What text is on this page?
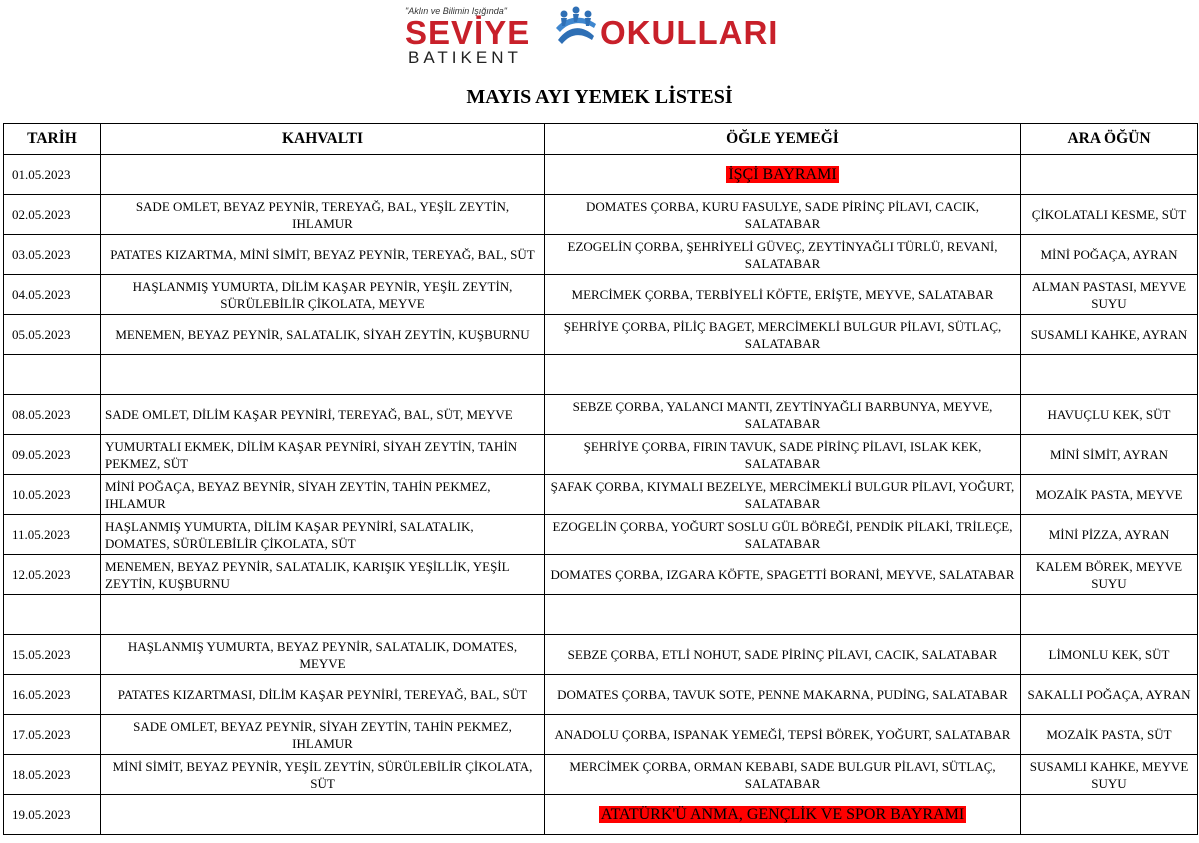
"Aklın ve Bilimin Işığında"
SEVİYE OKULLARI
BATIKENT
MAYIS AYI YEMEK LİSTESİ
TARİH	KAHVALTI	ÖĞLE YEMEĞİ	ARA ÖĞÜN
01.05.2023		İŞÇİ BAYRAMI	
02.05.2023	SADE OMLET, BEYAZ PEYNİR, TEREYAĞ, BAL, YEŞİL ZEYTİN, IHLAMUR	DOMATES ÇORBA, KURU FASULYE, SADE PİRİNÇ PİLAVI, CACIK, SALATABAR	ÇİKOLATALI KESME, SÜT
03.05.2023	PATATES KIZARTMA, MİNİ SİMİT, BEYAZ PEYNİR, TEREYAĞ, BAL, SÜT	EZOGELİN ÇORBA, ŞEHRİYELİ GÜVEÇ, ZEYTİNYAĞLI TÜRLÜ, REVANİ, SALATABAR	MİNİ POĞAÇA, AYRAN
04.05.2023	HAŞLANMIŞ YUMURTA, DİLİM KAŞAR PEYNİR, YEŞİL ZEYTİN, SÜRÜLEBİLİR ÇİKOLATA, MEYVE	MERCİMEK ÇORBA, TERBİYELİ KÖFTE, ERİŞTE, MEYVE, SALATABAR	ALMAN PASTASI, MEYVE SUYU
05.05.2023	MENEMEN, BEYAZ PEYNİR, SALATALIK, SİYAH ZEYTİN, KUŞBURNU	ŞEHRİYE ÇORBA, PİLİÇ BAGET, MERCİMEKLİ BULGUR PİLAVI, SÜTLAÇ, SALATABAR	SUSAMLI KAHKE, AYRAN

08.05.2023	SADE OMLET, DİLİM KAŞAR PEYNİRİ, TEREYAĞ, BAL, SÜT, MEYVE	SEBZE ÇORBA, YALANCI MANTI, ZEYTİNYAĞLI BARBUNYA, MEYVE, SALATABAR	HAVUÇLU KEK, SÜT
09.05.2023	YUMURTALI EKMEK, DİLİM KAŞAR PEYNİRİ, SİYAH ZEYTİN, TAHİN PEKMEZ, SÜT	ŞEHRİYE ÇORBA, FIRIN TAVUK, SADE PİRİNÇ PİLAVI, ISLAK KEK, SALATABAR	MİNİ SİMİT, AYRAN
10.05.2023	MİNİ POĞAÇA, BEYAZ BEYNİR, SİYAH ZEYTİN, TAHİN PEKMEZ, IHLAMUR	ŞAFAK ÇORBA, KIYMALI BEZELYE, MERCİMEKLİ BULGUR PİLAVI, YOĞURT, SALATABAR	MOZAİK PASTA, MEYVE
11.05.2023	HAŞLANMIŞ YUMURTA, DİLİM KAŞAR PEYNİRİ, SALATALIK, DOMATES, SÜRÜLEBİLİR ÇİKOLATA, SÜT	EZOGELİN ÇORBA, YOĞURT SOSLU GÜL BÖREĞİ, PENDİK PİLAKİ, TRİLEÇE, SALATABAR	MİNİ PİZZA, AYRAN
12.05.2023	MENEMEN, BEYAZ PEYNİR, SALATALIK, KARIŞIK YEŞİLLİK, YEŞİL ZEYTİN, KUŞBURNU	DOMATES ÇORBA, IZGARA KÖFTE, SPAGETTİ BORANİ, MEYVE, SALATABAR	KALEM BÖREK, MEYVE SUYU

15.05.2023	HAŞLANMIŞ YUMURTA, BEYAZ PEYNİR, SALATALIK, DOMATES, MEYVE	SEBZE ÇORBA, ETLİ NOHUT, SADE PİRİNÇ PİLAVI, CACIK, SALATABAR	LİMONLU KEK, SÜT
16.05.2023	PATATES KIZARTMASI, DİLİM KAŞAR PEYNİRİ, TEREYAĞ, BAL, SÜT	DOMATES ÇORBA, TAVUK SOTE, PENNE MAKARNA, PUDİNG, SALATABAR	SAKALLI POĞAÇA, AYRAN
17.05.2023	SADE OMLET, BEYAZ PEYNİR, SİYAH ZEYTİN, TAHİN PEKMEZ, IHLAMUR	ANADOLU ÇORBA, ISPANAK YEMEĞİ, TEPSİ BÖREK, YOĞURT, SALATABAR	MOZAİK PASTA, SÜT
18.05.2023	MİNİ SİMİT, BEYAZ PEYNİR, YEŞİL ZEYTİN, SÜRÜLEBİLİR ÇİKOLATA, SÜT	MERCİMEK ÇORBA, ORMAN KEBABI, SADE BULGUR PİLAVI, SÜTLAÇ, SALATABAR	SUSAMLI KAHKE, MEYVE SUYU
19.05.2023		ATATÜRK'Ü ANMA, GENÇLİK VE SPOR BAYRAMI	
